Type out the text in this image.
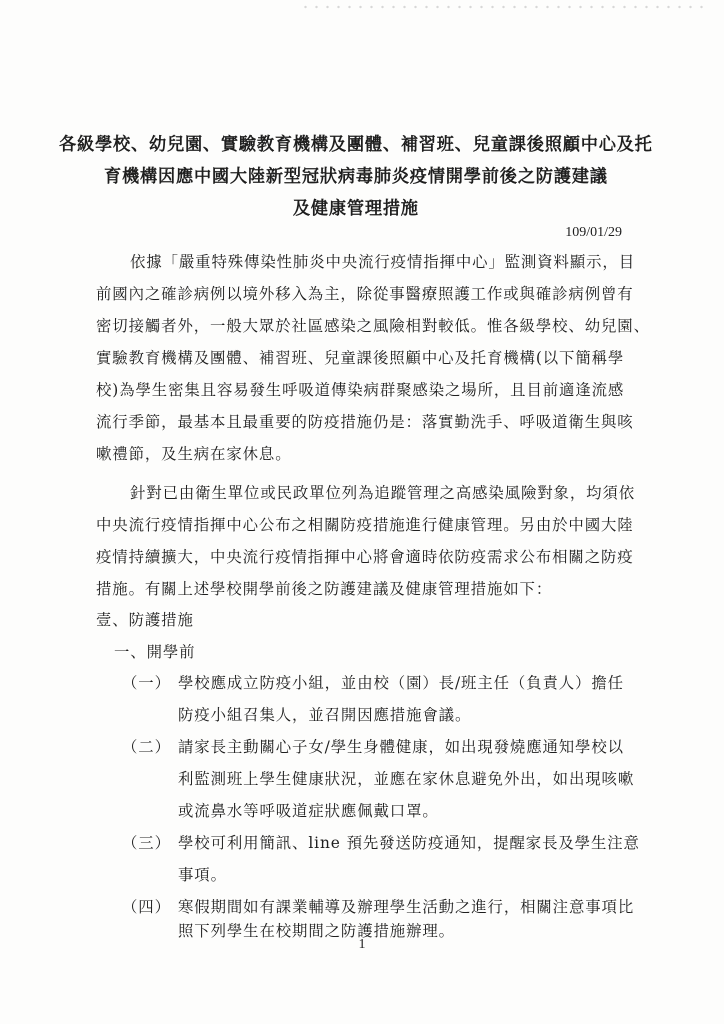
各級學校、幼兒園、實驗教育機構及團體、補習班、兒童課後照顧中心及托
育機構因應中國大陸新型冠狀病毒肺炎疫情開學前後之防護建議
及健康管理措施
109/01/29
依據「嚴重特殊傳染性肺炎中央流行疫情指揮中心」監測資料顯示，目
前國內之確診病例以境外移入為主，除從事醫療照護工作或與確診病例曾有
密切接觸者外，一般大眾於社區感染之風險相對較低。惟各級學校、幼兒園、
實驗教育機構及團體、補習班、兒童課後照顧中心及托育機構(以下簡稱學
校)為學生密集且容易發生呼吸道傳染病群聚感染之場所，且目前適逢流感
流行季節，最基本且最重要的防疫措施仍是：落實勤洗手、呼吸道衛生與咳
嗽禮節，及生病在家休息。
針對已由衛生單位或民政單位列為追蹤管理之高感染風險對象，均須依
中央流行疫情指揮中心公布之相關防疫措施進行健康管理。另由於中國大陸
疫情持續擴大，中央流行疫情指揮中心將會適時依防疫需求公布相關之防疫
措施。有關上述學校開學前後之防護建議及健康管理措施如下：
壹、防護措施
一、開學前
（一） 學校應成立防疫小組，並由校（園）長/班主任（負責人）擔任
防疫小組召集人，並召開因應措施會議。
（二） 請家長主動關心子女/學生身體健康，如出現發燒應通知學校以
利監測班上學生健康狀況，並應在家休息避免外出，如出現咳嗽
或流鼻水等呼吸道症狀應佩戴口罩。
（三） 學校可利用簡訊、line 預先發送防疫通知，提醒家長及學生注意
事項。
（四） 寒假期間如有課業輔導及辦理學生活動之進行，相關注意事項比
照下列學生在校期間之防護措施辦理。
1
